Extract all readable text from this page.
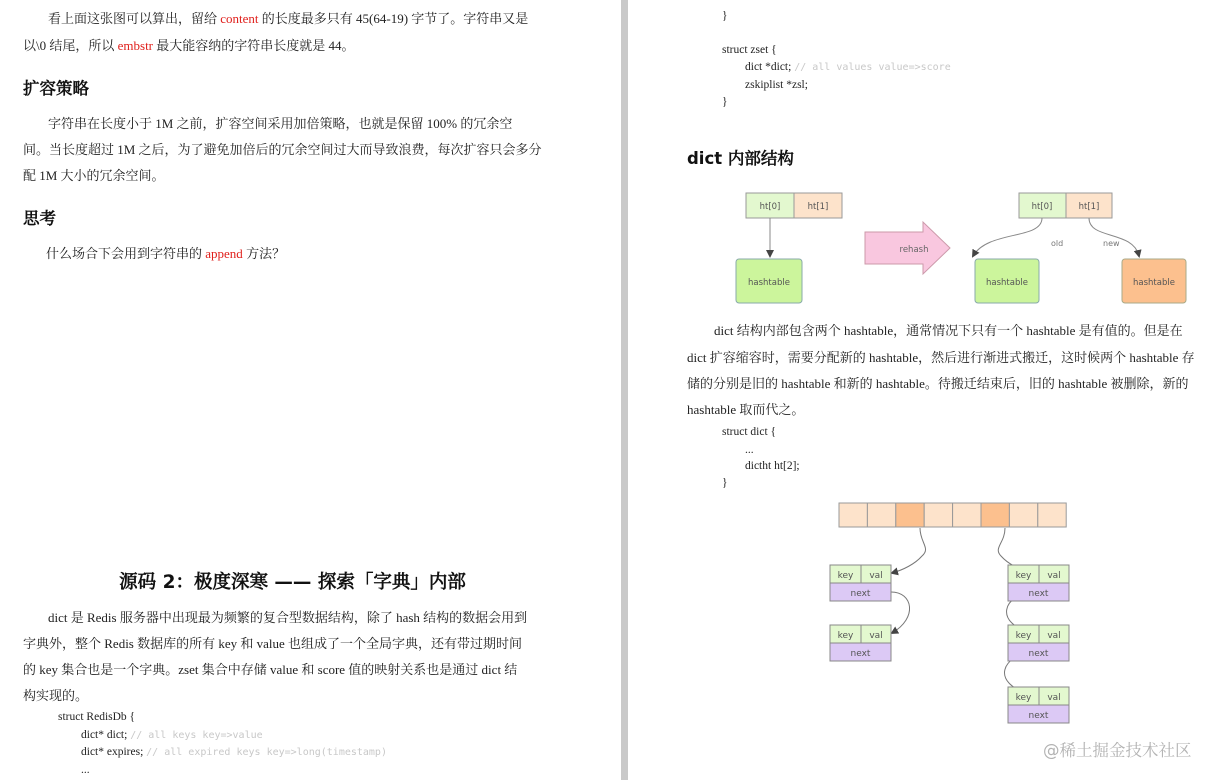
源码 2：极度深寒 —— 探索「字典」内部
看上面这张图可以算出，留给 content 的长度最多只有 45(64-19) 字节了。字符串又是
以\0 结尾，所以 embstr 最大能容纳的字符串长度就是 44。
字符串在长度小于 1M 之前，扩容空间采用加倍策略，也就是保留 100% 的冗余空
间。当长度超过 1M 之后，为了避免加倍后的冗余空间过大而导致浪费，每次扩容只会多分
配 1M 大小的冗余空间。
什么场合下会用到字符串的 append 方法？
dict 是 Redis 服务器中出现最为频繁的复合型数据结构，除了 hash 结构的数据会用到
字典外，整个 Redis 数据库的所有 key 和 value 也组成了一个全局字典，还有带过期时间
的 key 集合也是一个字典。zset 集合中存储 value 和 score 值的映射关系也是通过 dict 结
构实现的。
扩容策略
思考
struct RedisDb {
dict* dict; // all keys key=>value
dict* expires; // all expired keys key=>long(timestamp)
...
ht[0]	ht[1]
hashtable
rehash
ht[0]	ht[1]
old	new
hashtable	hashtable
key val
next
key val
next
key val
next
key val
next
key val
next
dict 结构内部包含两个 hashtable，通常情况下只有一个 hashtable 是有值的。但是在
dict 扩容缩容时，需要分配新的 hashtable，然后进行渐进式搬迁，这时候两个 hashtable 存
储的分别是旧的 hashtable 和新的 hashtable。待搬迁结束后，旧的 hashtable 被删除，新的
hashtable 取而代之。
dict 内部结构
}
struct zset {
dict *dict; // all values value=>score
zskiplist *zsl;
}
struct dict {
...
dictht ht[2];
}
@稀土掘金技术社区
